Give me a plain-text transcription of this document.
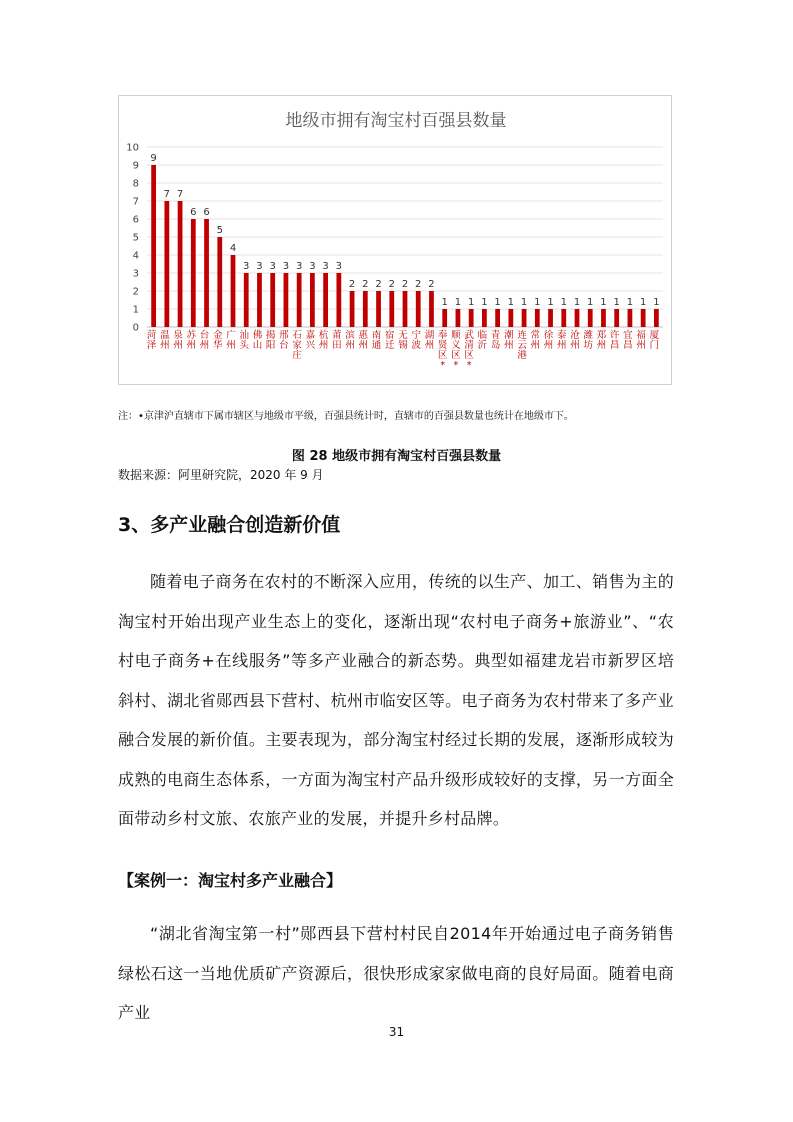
地级市拥有淘宝村百强县数量
0
1
2
3
4
5
6
7
8
9
10
9
菏泽
7
温州
7
泉州
6
苏州
6
台州
5
金华
4
广州
3
汕头
3
佛山
3
揭阳
3
邢台
3
石家庄
3
嘉兴
3
杭州
3
莆田
2
滨州
2
惠州
2
南通
2
宿迁
2
无锡
2
宁波
2
湖州
1
奉贤区*
1
顺义区*
1
武清区*
1
临沂
1
青岛
1
潮州
1
连云港
1
常州
1
徐州
1
泰州
1
沧州
1
潍坊
1
郑州
1
许昌
1
宜昌
1
福州
1
厦门
注：•京津沪直辖市下属市辖区与地级市平级，百强县统计时，直辖市的百强县数量也统计在地级市下。
图 28 地级市拥有淘宝村百强县数量
数据来源：阿里研究院，2020 年 9 月
3、多产业融合创造新价值
随着电子商务在农村的不断深入应用，传统的以生产、加工、销售为主的淘宝村开始出现产业生态上的变化，逐渐出现“农村电子商务+旅游业”、“农村电子商务+在线服务”等多产业融合的新态势。典型如福建龙岩市新罗区培斜村、湖北省郧西县下营村、杭州市临安区等。电子商务为农村带来了多产业融合发展的新价值。主要表现为，部分淘宝村经过长期的发展，逐渐形成较为成熟的电商生态体系，一方面为淘宝村产品升级形成较好的支撑，另一方面全面带动乡村文旅、农旅产业的发展，并提升乡村品牌。
【案例一：淘宝村多产业融合】
“湖北省淘宝第一村”郧西县下营村村民自2014年开始通过电子商务销售绿松石这一当地优质矿产资源后，很快形成家家做电商的良好局面。随着电商产业
31
